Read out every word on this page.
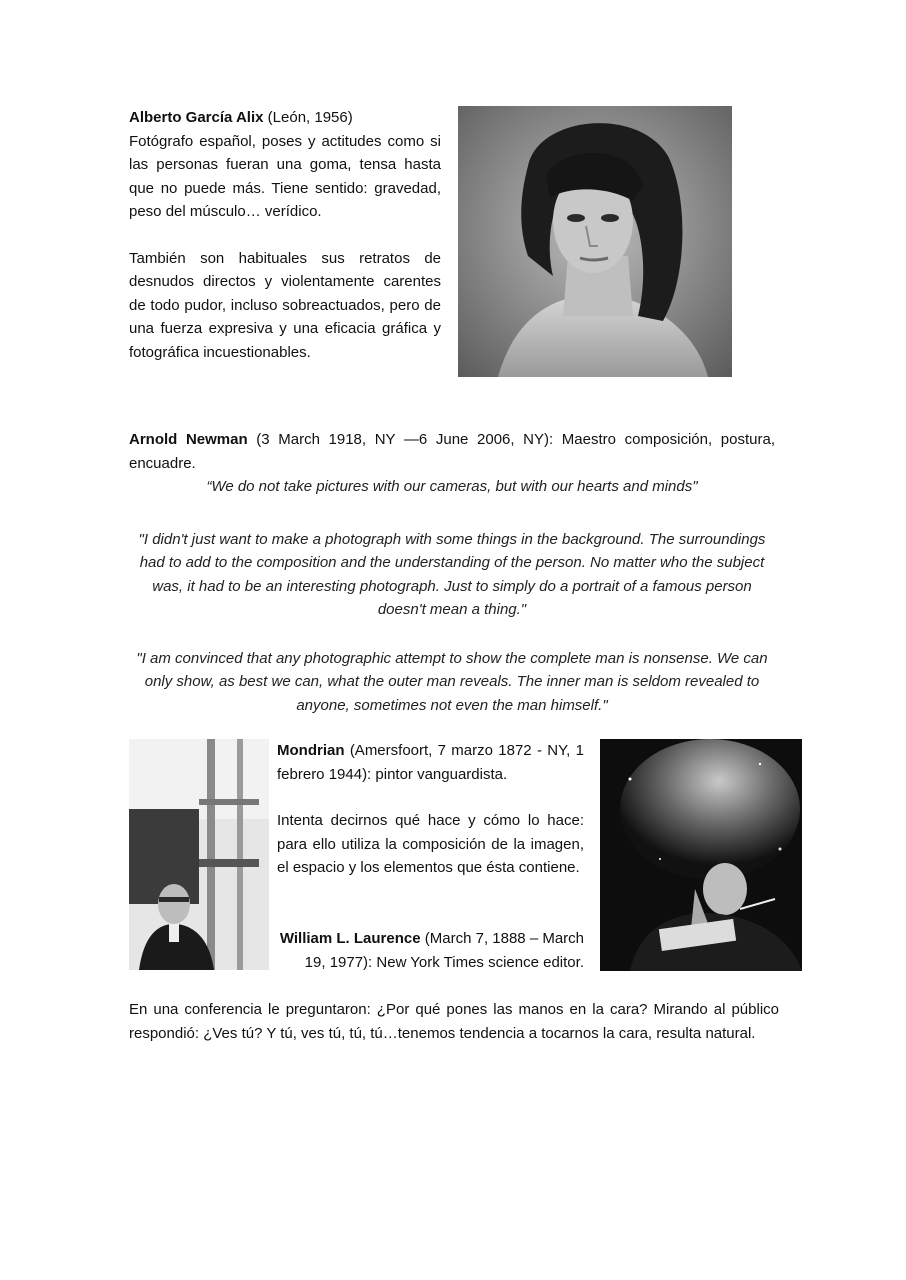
Alberto García Alix (León, 1956)

Fotógrafo español, poses y actitudes como si las personas fueran una goma, tensa hasta que no puede más. Tiene sentido: gravedad, peso del músculo… verídico.

También son habituales sus retratos de desnudos directos y violentamente carentes de todo pudor, incluso sobreactuados, pero de una fuerza expresiva y una eficacia gráfica y fotográfica incuestionables.

Arnold Newman (3 March 1918, NY —6 June 2006, NY): Maestro composición, postura, encuadre.

“We do not take pictures with our cameras, but with our hearts and minds"

"I didn't just want to make a photograph with some things in the background. The surroundings had to add to the composition and the understanding of the person. No matter who the subject was, it had to be an interesting photograph. Just to simply do a portrait of a famous person doesn't mean a thing."

"I am convinced that any photographic attempt to show the complete man is nonsense. We can only show, as best we can, what the outer man reveals. The inner man is seldom revealed to anyone, sometimes not even the man himself."

Mondrian (Amersfoort, 7 marzo 1872 - NY, 1 febrero 1944): pintor vanguardista.

Intenta decirnos qué hace y cómo lo hace: para ello utiliza la composición de la imagen, el espacio y los elementos que ésta contiene.

William L. Laurence (March 7, 1888 – March 19, 1977): New York Times science editor.

En una conferencia le preguntaron: ¿Por qué pones las manos en la cara? Mirando al público respondió: ¿Ves tú? Y tú, ves tú, tú, tú…tenemos tendencia a tocarnos la cara, resulta natural.
